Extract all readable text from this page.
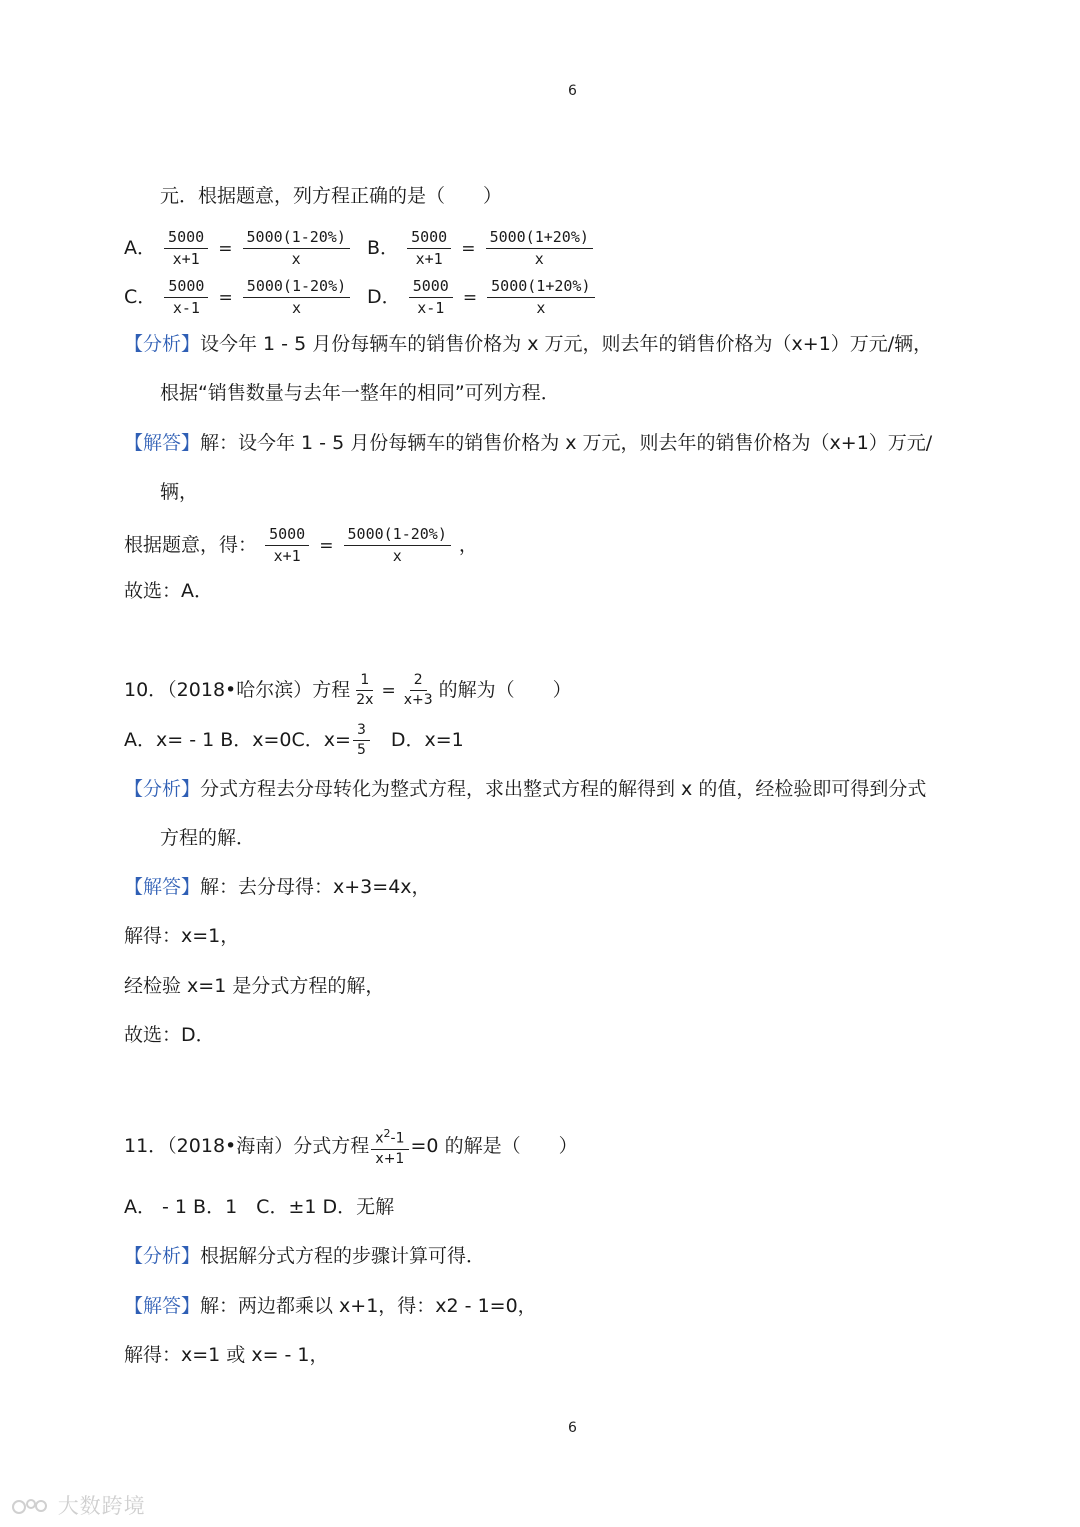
6
元．根据题意，列方程正确的是（　　）
A． $\frac{5000}{x+1} = \frac{5000(1-20\%)}{x}$ B． $\frac{5000}{x+1} = \frac{5000(1+20\%)}{x}$
C． $\frac{5000}{x-1} = \frac{5000(1-20\%)}{x}$ D． $\frac{5000}{x-1} = \frac{5000(1+20\%)}{x}$
【分析】设今年 1 - 5 月份每辆车的销售价格为 x 万元，则去年的销售价格为（x+1）万元/辆，
根据“销售数量与去年一整年的相同”可列方程．
【解答】解：设今年 1 - 5 月份每辆车的销售价格为 x 万元，则去年的销售价格为（x+1）万元/
辆，
根据题意，得： $\frac{5000}{x+1} = \frac{5000(1-20\%)}{x}$ ，
故选：A．
10．（2018•哈尔滨）方程 $\frac{1}{2x} = \frac{2}{x+3}$ 的解为（　　）
A．x= - 1 B．x=0C．$x= \frac{3}{5}$ 　D．x=1
【分析】分式方程去分母转化为整式方程，求出整式方程的解得到 x 的值，经检验即可得到分式
方程的解．
【解答】解：去分母得：x+3=4x，
解得：x=1，
经检验 x=1 是分式方程的解，
故选：D．
11．（2018•海南）分式方程 $\frac{x^2-1}{x+1} =0$ 的解是（　　）
A． - 1 B．1　C．±1 D．无解
【分析】根据解分式方程的步骤计算可得．
【解答】解：两边都乘以 x+1，得：x2 - 1=0，
解得：x=1 或 x= - 1，
6
大数跨境
